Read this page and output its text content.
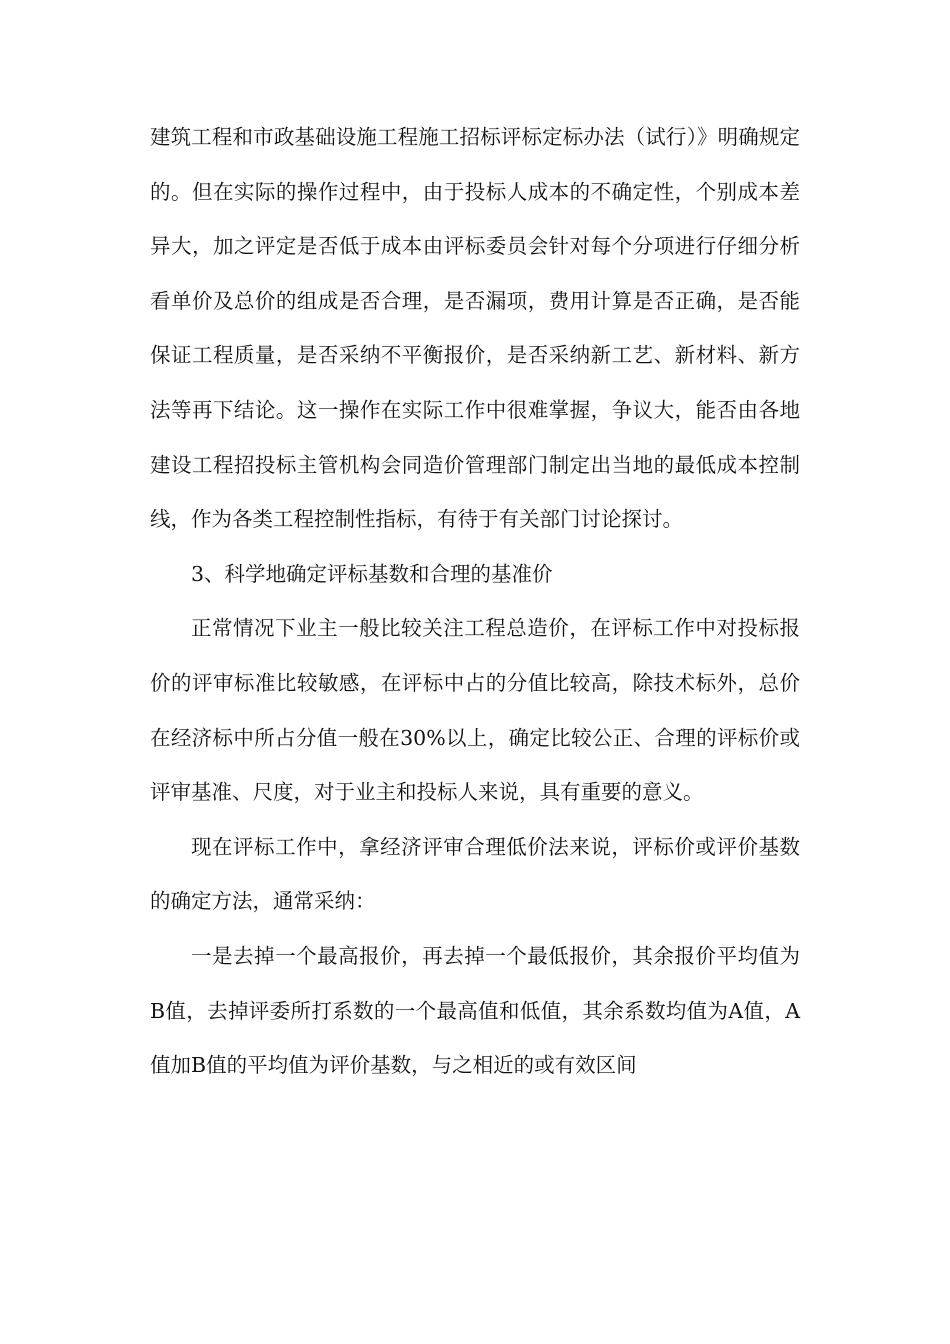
建筑工程和市政基础设施工程施工招标评标定标办法（试行）》明确规定的。但在实际的操作过程中，由于投标人成本的不确定性，个别成本差异大，加之评定是否低于成本由评标委员会针对每个分项进行仔细分析看单价及总价的组成是否合理，是否漏项，费用计算是否正确，是否能保证工程质量，是否采纳不平衡报价，是否采纳新工艺、新材料、新方法等再下结论。这一操作在实际工作中很难掌握，争议大，能否由各地建设工程招投标主管机构会同造价管理部门制定出当地的最低成本控制线，作为各类工程控制性指标，有待于有关部门讨论探讨。

3、科学地确定评标基数和合理的基准价

正常情况下业主一般比较关注工程总造价，在评标工作中对投标报价的评审标准比较敏感，在评标中占的分值比较高，除技术标外，总价在经济标中所占分值一般在30%以上，确定比较公正、合理的评标价或评审基准、尺度，对于业主和投标人来说，具有重要的意义。

现在评标工作中，拿经济评审合理低价法来说，评标价或评价基数的确定方法，通常采纳：

一是去掉一个最高报价，再去掉一个最低报价，其余报价平均值为B值，去掉评委所打系数的一个最高值和低值，其余系数均值为A值，A值加B值的平均值为评价基数，与之相近的或有效区间
